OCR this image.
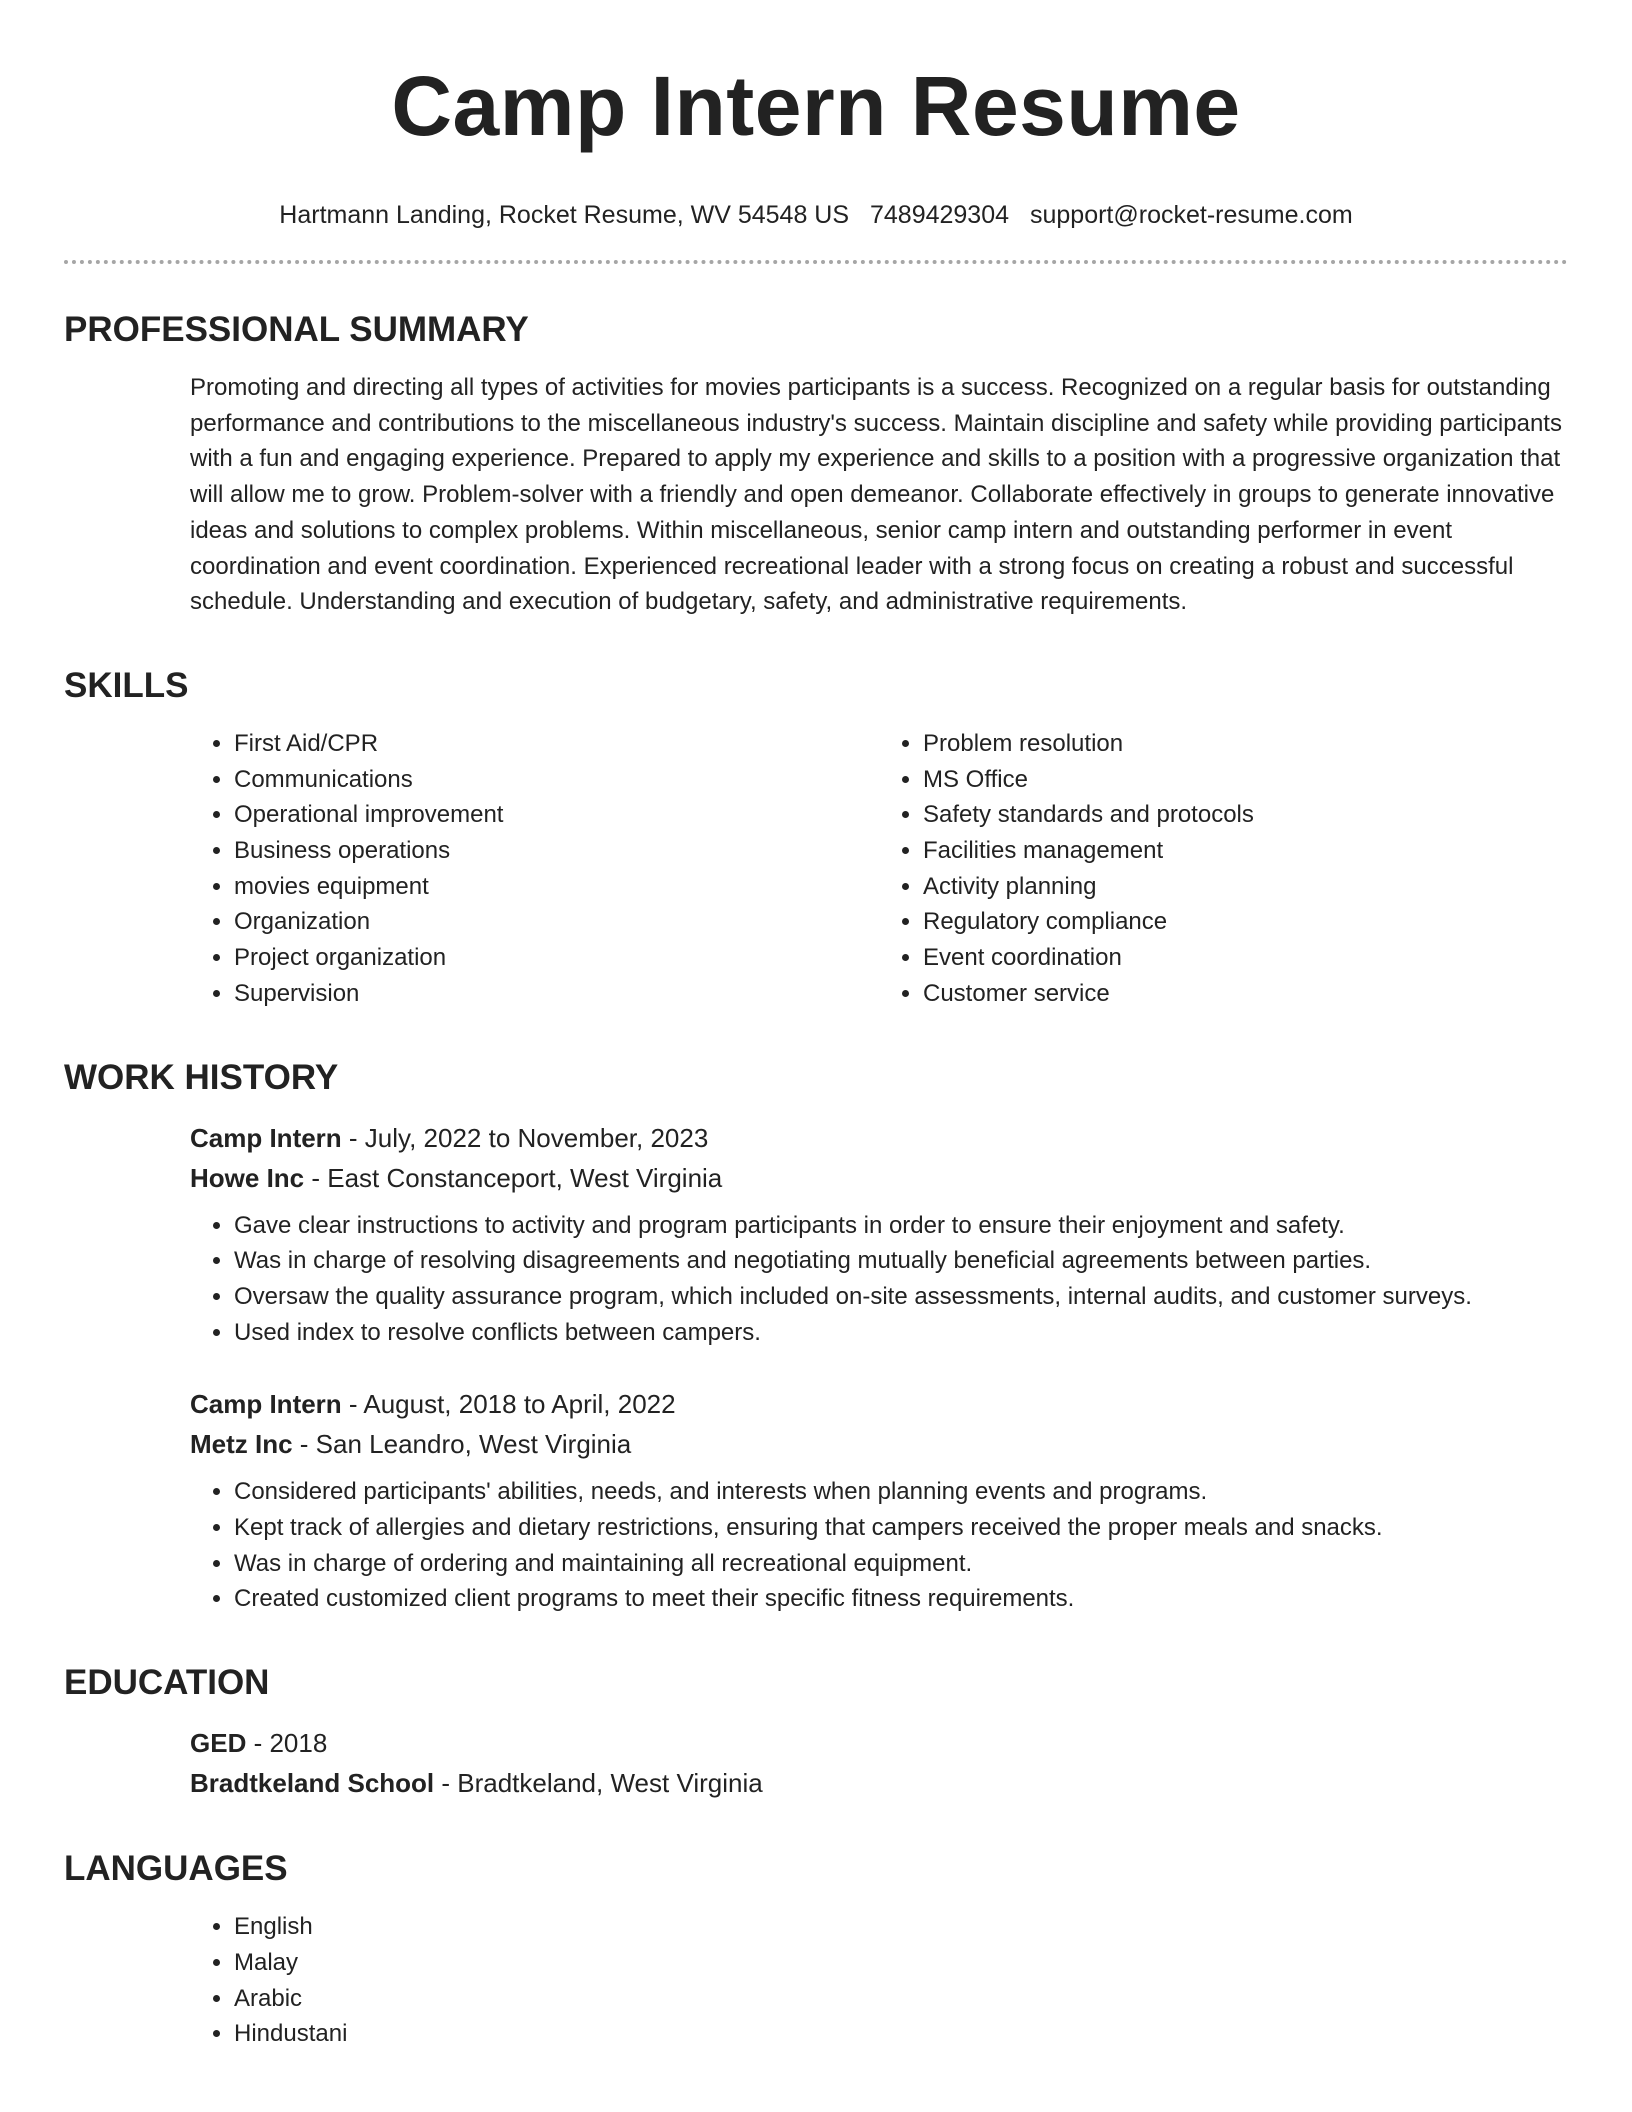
Camp Intern Resume
Hartmann Landing, Rocket Resume, WV 54548 US 7489429304 support@rocket-resume.com
PROFESSIONAL SUMMARY

Promoting and directing all types of activities for movies participants is a success. Recognized on a regular basis for outstanding performance and contributions to the miscellaneous industry's success. Maintain discipline and safety while providing participants with a fun and engaging experience. Prepared to apply my experience and skills to a position with a progressive organization that will allow me to grow. Problem-solver with a friendly and open demeanor. Collaborate effectively in groups to generate innovative ideas and solutions to complex problems. Within miscellaneous, senior camp intern and outstanding performer in event coordination and event coordination. Experienced recreational leader with a strong focus on creating a robust and successful schedule. Understanding and execution of budgetary, safety, and administrative requirements.

SKILLS
• First Aid/CPR
• Communications
• Operational improvement
• Business operations
• movies equipment
• Organization
• Project organization
• Supervision
• Problem resolution
• MS Office
• Safety standards and protocols
• Facilities management
• Activity planning
• Regulatory compliance
• Event coordination
• Customer service
WORK HISTORY
Camp Intern - July, 2022 to November, 2023
Howe Inc - East Constanceport, West Virginia
• Gave clear instructions to activity and program participants in order to ensure their enjoyment and safety.
• Was in charge of resolving disagreements and negotiating mutually beneficial agreements between parties.
• Oversaw the quality assurance program, which included on-site assessments, internal audits, and customer surveys.
• Used index to resolve conflicts between campers.
Camp Intern - August, 2018 to April, 2022
Metz Inc - San Leandro, West Virginia
• Considered participants' abilities, needs, and interests when planning events and programs.
• Kept track of allergies and dietary restrictions, ensuring that campers received the proper meals and snacks.
• Was in charge of ordering and maintaining all recreational equipment.
• Created customized client programs to meet their specific fitness requirements.
EDUCATION
GED - 2018
Bradtkeland School - Bradtkeland, West Virginia
LANGUAGES
• English
• Malay
• Arabic
• Hindustani
